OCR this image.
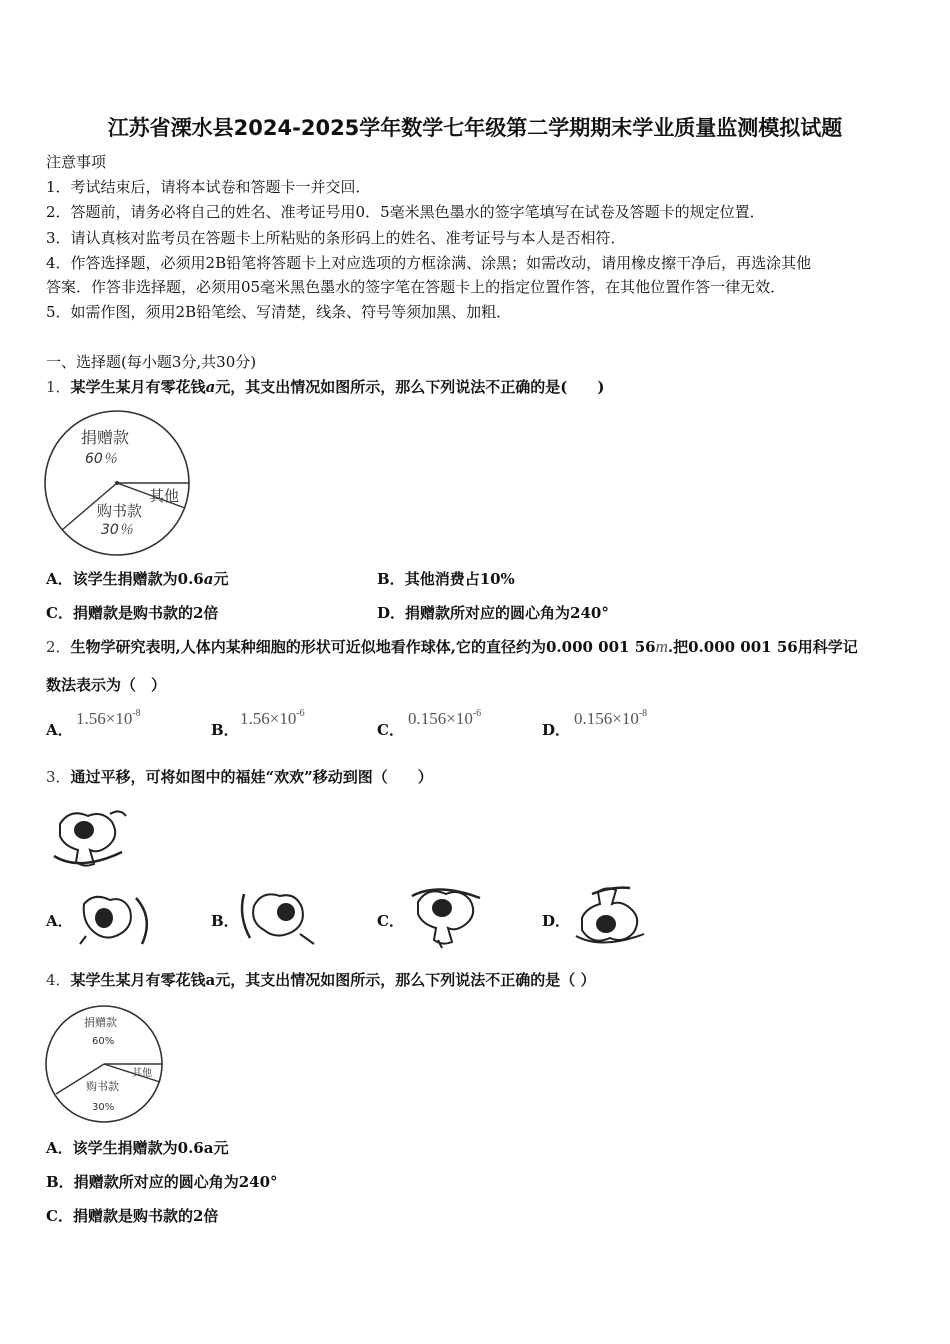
江苏省溧水县2024-2025学年数学七年级第二学期期末学业质量监测模拟试题
注意事项
1．考试结束后，请将本试卷和答题卡一并交回．
2．答题前，请务必将自己的姓名、准考证号用0．5毫米黑色墨水的签字笔填写在试卷及答题卡的规定位置．
3．请认真核对监考员在答题卡上所粘贴的条形码上的姓名、准考证号与本人是否相符．
4．作答选择题，必须用2B铅笔将答题卡上对应选项的方框涂满、涂黑；如需改动，请用橡皮擦干净后，再选涂其他
答案．作答非选择题，必须用05毫米黑色墨水的签字笔在答题卡上的指定位置作答，在其他位置作答一律无效．
5．如需作图，须用2B铅笔绘、写清楚，线条、符号等须加黑、加粗．
一、选择题(每小题3分,共30分)
1．某学生某月有零花钱a元，其支出情况如图所示，那么下列说法不正确的是(　　)
捐赠款
60％
其他
购书款
30％
A．该学生捐赠款为0.6a元	B．其他消费占10%
C．捐赠款是购书款的2倍	D．捐赠款所对应的圆心角为240°
2．生物学研究表明,人体内某种细胞的形状可近似地看作球体,它的直径约为0.000 001 56m.把0.000 001 56用科学记
数法表示为（　）
A．
$1.56\times 10^{-8}$
B．
$1.56\times 10^{-6}$
C．
$0.156\times 10^{-6}$
D．
$0.156\times 10^{-8}$
3．通过平移，可将如图中的福娃“欢欢”移动到图（　　）
A．	B．	C．	D．
4．某学生某月有零花钱a元，其支出情况如图所示，那么下列说法不正确的是（ ）
捐赠款
60%
其他
购书款
30%
A．该学生捐赠款为0.6a元
B．捐赠款所对应的圆心角为240°
C．捐赠款是购书款的2倍
